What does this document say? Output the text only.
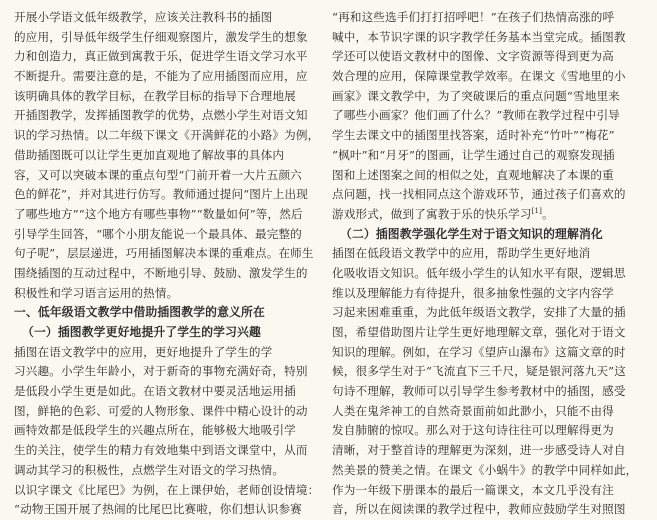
开展小学语文低年级教学，应该关注教科书的插图
的应用，引导低年级学生仔细观察图片，激发学生的想象
力和创造力，真正做到寓教于乐，促进学生语文学习水平
不断提升。需要注意的是，不能为了应用插图而应用，应
该明确具体的教学目标，在教学目标的指导下合理地展
开插图教学，发挥插图教学的优势，点燃小学生对语文知
识的学习热情。以二年级下课文《开满鲜花的小路》为例，
借助插图既可以让学生更加直观地了解故事的具体内
容，又可以突破本课的重点句型“门前开着一大片五颜六
色的鲜花”，并对其进行仿写。教师通过提问“图片上出现
了哪些地方”“这个地方有哪些事物”“数量如何”等，然后
引导学生回答，“哪个小朋友能说一个最具体、最完整的
句子呢”，层层递进，巧用插图解决本课的重难点。在师生
围绕插图的互动过程中，不断地引导、鼓励、激发学生的
积极性和学习语言运用的热情。
一、低年级语文教学中借助插图教学的意义所在
（一）插图教学更好地提升了学生的学习兴趣
插图在语文教学中的应用，更好地提升了学生的学
习兴趣。小学生年龄小，对于新奇的事物充满好奇，特别
是低段小学生更是如此。在语文教材中要灵活地运用插
图，鲜艳的色彩、可爱的人物形象、课件中精心设计的动
画特效都是低段学生的兴趣点所在，能够极大地吸引学
生的关注，使学生的精力有效地集中到语文课堂中，从而
调动其学习的积极性，点燃学生对语文的学习热情。
以识字课文《比尾巴》为例，在上课伊始，老师创设情境：
“动物王国开展了热闹的比尾巴比赛啦，你们想认识参赛
“再和这些选手们打打招呼吧！”在孩子们热情高涨的呼
喊中，本节识字课的识字教学任务基本当堂完成。插图教
学还可以使语文教材中的图像、文字资源等得到更为高
效合理的应用，保障课堂教学效率。在课文《雪地里的小
画家》课文教学中，为了突破课后的重点问题“雪地里来
了哪些小画家？他们画了什么？”教师在教学过程中引导
学生去课文中的插图里找答案，适时补充“竹叶”“梅花”
“枫叶”和“月牙”的图画，让学生通过自己的观察发现插
图和上述图案之间的相似之处，直观地解决了本课的重
点问题，找一找相同点这个游戏环节，通过孩子们喜欢的
游戏形式，做到了寓教于乐的快乐学习[1]。
（二）插图教学强化学生对于语文知识的理解消化
插图在低段语文教学中的应用，帮助学生更好地消
化吸收语文知识。低年级小学生的认知水平有限，逻辑思
维以及理解能力有待提升，很多抽象性强的文字内容学
习起来困难重重，为此低年级语文教学，安排了大量的插
图，希望借助图片让学生更好地理解文章，强化对于语文
知识的理解。例如，在学习《望庐山瀑布》这篇文章的时
候，很多学生对于“飞流直下三千尺，疑是银河落九天”这
句诗不理解，教师可以引导学生参考教材中的插图，感受
人类在鬼斧神工的自然奇景面前如此渺小，只能不由得
发自肺腑的惊叹。那么对于这句诗往往可以理解得更为
清晰，对于整首诗的理解更为深刻，进一步感受诗人对自
然美景的赞美之情。在课文《小蜗牛》的教学中同样如此，
作为一年级下册课本的最后一篇课文，本文几乎没有注
音，所以在阅读课的教学过程中，教师应鼓励学生对照图
